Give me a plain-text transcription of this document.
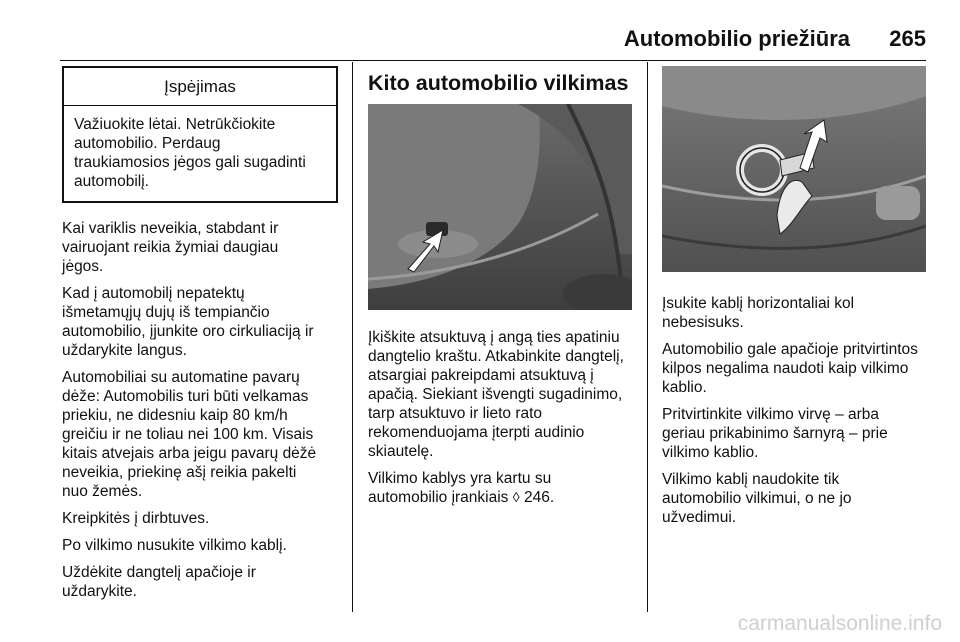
Automobilio priežiūra 265
Įspėjimas
Važiuokite lėtai. Netrūkčiokite
automobilio. Perdaug
traukiamosios jėgos gali sugadinti
automobilį.

Kai variklis neveikia, stabdant ir
vairuojant reikia žymiai daugiau
jėgos.

Kad į automobilį nepatektų
išmetamųjų dujų iš tempiančio
automobilio, įjunkite oro cirkuliaciją ir
uždarykite langus.

Automobiliai su automatine pavarų
dėže: Automobilis turi būti velkamas
priekiu, ne didesniu kaip 80 km/h
greičiu ir ne toliau nei 100 km. Visais
kitais atvejais arba jeigu pavarų dėžė
neveikia, priekinę ašį reikia pakelti
nuo žemės.

Kreipkitės į dirbtuves.

Po vilkimo nusukite vilkimo kablį.

Uždėkite dangtelį apačioje ir
uždarykite.

Kito automobilio vilkimas

Įkiškite atsuktuvą į angą ties apatiniu
dangtelio kraštu. Atkabinkite dangtelį,
atsargiai pakreipdami atsuktuvą į
apačią. Siekiant išvengti sugadinimo,
tarp atsuktuvo ir lieto rato
rekomenduojama įterpti audinio
skiautelę.

Vilkimo kablys yra kartu su
automobilio įrankiais ◊ 246.

Įsukite kablį horizontaliai kol
nebesisuks.

Automobilio gale apačioje pritvirtintos
kilpos negalima naudoti kaip vilkimo
kablio.

Pritvirtinkite vilkimo virvę – arba
geriau prikabinimo šarnyrą – prie
vilkimo kablio.

Vilkimo kablį naudokite tik
automobilio vilkimui, o ne jo
užvedimui.

carmanualsonline.info
